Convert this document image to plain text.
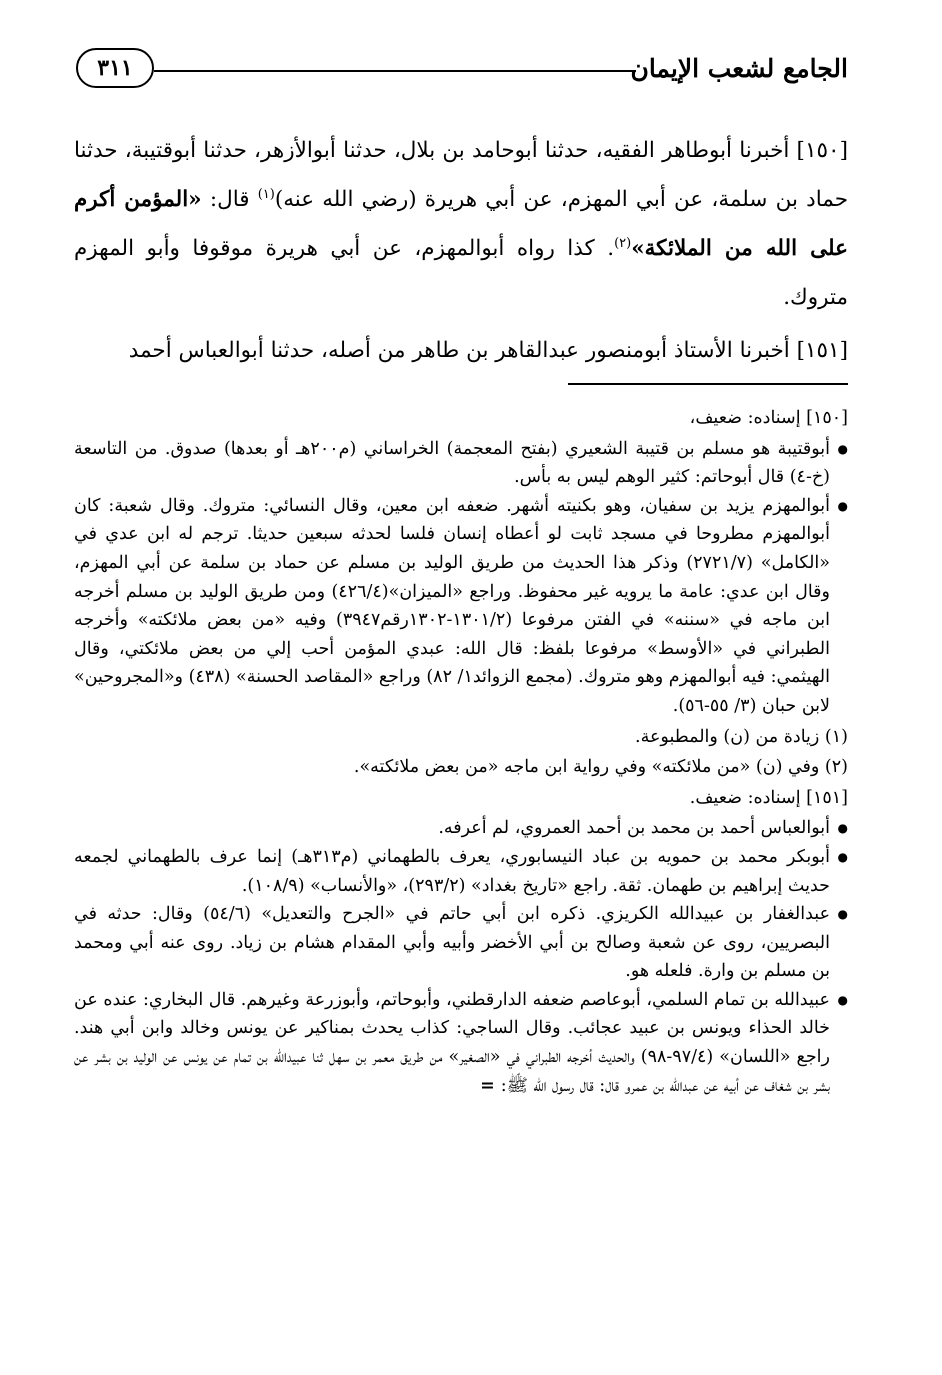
الجامع لشعب الإيمان
٣١١

[١٥٠] أخبرنا أبوطاهر الفقيه، حدثنا أبوحامد بن بلال، حدثنا أبوالأزهر، حدثنا أبوقتيبة، حدثنا حماد بن سلمة، عن أبي المهزم، عن أبي هريرة (رضي الله عنه)$^{(١)}$ قال: «المؤمن أكرم على الله من الملائكة»$^{(٢)}$. كذا رواه أبوالمهزم، عن أبي هريرة موقوفا وأبو المهزم متروك.

[١٥١] أخبرنا الأستاذ أبومنصور عبدالقاهر بن طاهر من أصله، حدثنا أبوالعباس أحمد

[١٥٠] إسناده: ضعيف،

● أبوقتيبة هو مسلم بن قتيبة الشعيري (بفتح المعجمة) الخراساني (م٢٠٠هـ أو بعدها) صدوق. من التاسعة (خ-٤) قال أبوحاتم: كثير الوهم ليس به بأس.
● أبوالمهزم يزيد بن سفيان، وهو بكنيته أشهر. ضعفه ابن معين، وقال النسائي: متروك. وقال شعبة: كان أبوالمهزم مطروحا في مسجد ثابت لو أعطاه إنسان فلسا لحدثه سبعين حديثا. ترجم له ابن عدي في «الكامل» (٢٧٢١/٧) وذكر هذا الحديث من طريق الوليد بن مسلم عن حماد بن سلمة عن أبي المهزم، وقال ابن عدي: عامة ما يرويه غير محفوظ. وراجع «الميزان»(٤٢٦/٤) ومن طريق الوليد بن مسلم أخرجه ابن ماجه في «سننه» في الفتن مرفوعا (١٣٠١/٢-١٣٠٢رقم٣٩٤٧) وفيه «من بعض ملائكته» وأخرجه الطبراني في «الأوسط» مرفوعا بلفظ: قال الله: عبدي المؤمن أحب إلي من بعض ملائكتي، وقال الهيثمي: فيه أبوالمهزم وهو متروك. (مجمع الزوائد١/ ٨٢) وراجع «المقاصد الحسنة» (٤٣٨) و«المجروحين» لابن حبان (٣/ ٥٥-٥٦).

(١) زيادة من (ن) والمطبوعة.

(٢) وفي (ن) «من ملائكته» وفي رواية ابن ماجه «من بعض ملائكته».

[١٥١] إسناده: ضعيف.

● أبوالعباس أحمد بن محمد بن أحمد العمروي، لم أعرفه.
● أبوبكر محمد بن حمويه بن عباد النيسابوري، يعرف بالطهماني (م٣١٣هـ) إنما عرف بالطهماني لجمعه حديث إبراهيم بن طهمان. ثقة. راجع «تاريخ بغداد» (٢٩٣/٢)، «والأنساب» (١٠٨/٩).
● عبدالغفار بن عبيدالله الكريزي. ذكره ابن أبي حاتم في «الجرح والتعديل» (٥٤/٦) وقال: حدثه في البصريين، روى عن شعبة وصالح بن أبي الأخضر وأبيه وأبي المقدام هشام بن زياد. روى عنه أبي ومحمد بن مسلم بن وارة. فلعله هو.
● عبيدالله بن تمام السلمي، أبوعاصم ضعفه الدارقطني، وأبوحاتم، وأبوزرعة وغيرهم. قال البخاري: عنده عن خالد الحذاء ويونس بن عبيد عجائب. وقال الساجي: كذاب يحدث بمناكير عن يونس وخالد وابن أبي هند. راجع «اللسان» (٩٧/٤-٩٨) والحديث أخرجه الطبراني في «الصغير» من طريق معمر بن سهل ثنا عبيدالله بن تمام عن يونس عن الوليد بن بشر عن بشر بن شغاف عن أبيه عن عبدالله بن عمرو قال: قال رسول الله ﷺ:=
